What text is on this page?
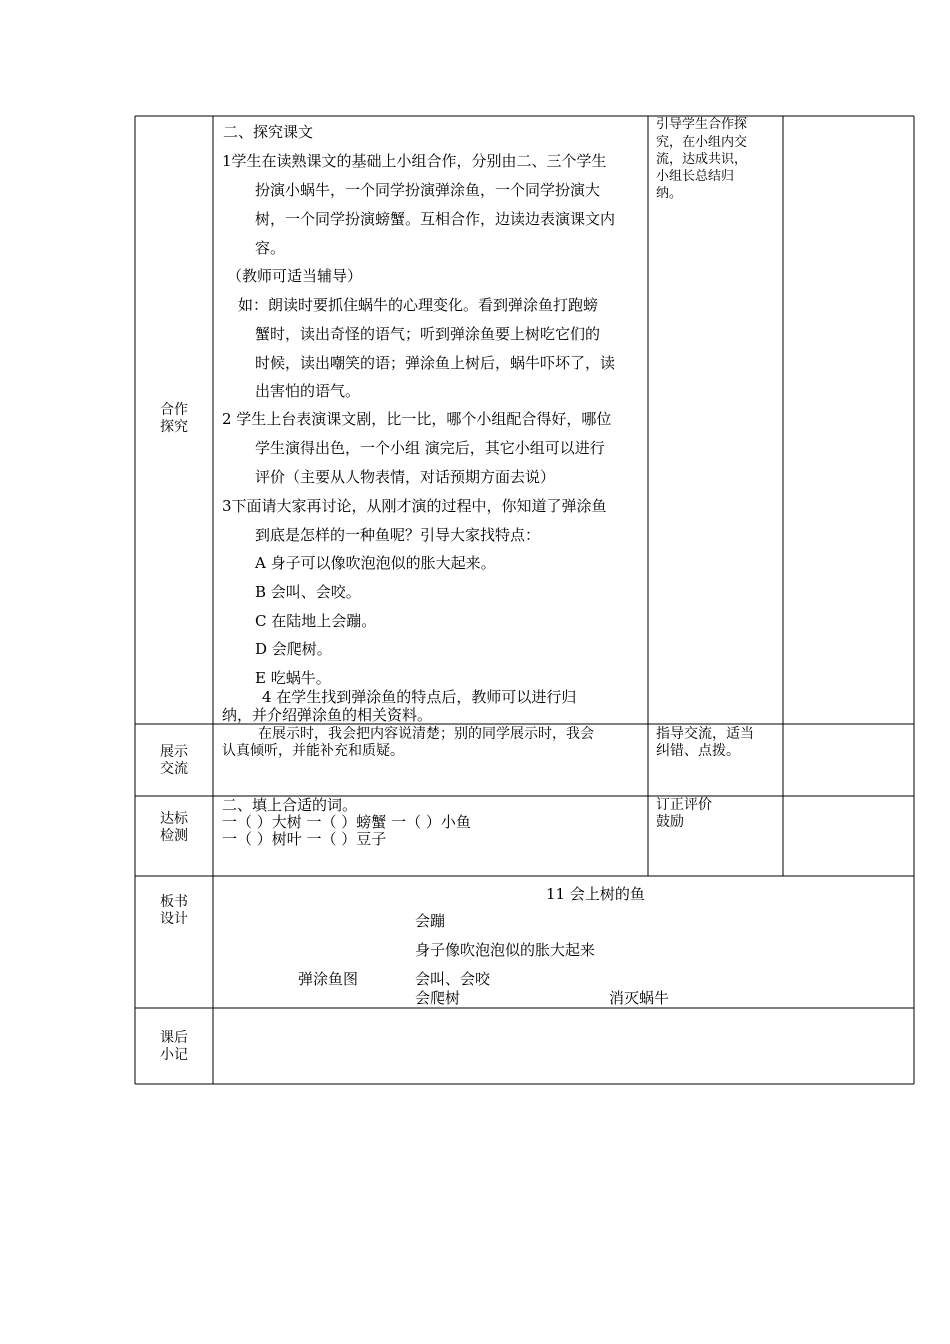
合作
探究
二、探究课文
1学生在读熟课文的基础上小组合作，分别由二、三个学生
扮演小蜗牛，一个同学扮演弹涂鱼，一个同学扮演大
树，一个同学扮演螃蟹。互相合作，边读边表演课文内
容。
（教师可适当辅导）
如：朗读时要抓住蜗牛的心理变化。看到弹涂鱼打跑螃
蟹时，读出奇怪的语气；听到弹涂鱼要上树吃它们的
时候，读出嘲笑的语；弹涂鱼上树后，蜗牛吓坏了，读
出害怕的语气。
2 学生上台表演课文剧，比一比，哪个小组配合得好，哪位
学生演得出色，一个小组 演完后，其它小组可以进行
评价（主要从人物表情，对话预期方面去说）
3下面请大家再讨论，从刚才演的过程中，你知道了弹涂鱼
到底是怎样的一种鱼呢？引导大家找特点：
A 身子可以像吹泡泡似的胀大起来。
B 会叫、会咬。
C 在陆地上会蹦。
D 会爬树。
E 吃蜗牛。
4 在学生找到弹涂鱼的特点后，教师可以进行归
纳，并介绍弹涂鱼的相关资料。
引导学生合作探
究，在小组内交
流，达成共识，
小组长总结归
纳。
展示
交流
在展示时，我会把内容说清楚；别的同学展示时，我会
认真倾听，并能补充和质疑。
指导交流，适当
纠错、点拨。
达标
检测
二、填上合适的词。
一（ ）大树 一（ ）螃蟹 一（ ）小鱼
一（ ）树叶 一（ ）豆子
订正评价
鼓励
板书
设计
11 会上树的鱼
会蹦
身子像吹泡泡似的胀大起来
会叫、会咬
会爬树
弹涂鱼图
消灭蜗牛
课后
小记
